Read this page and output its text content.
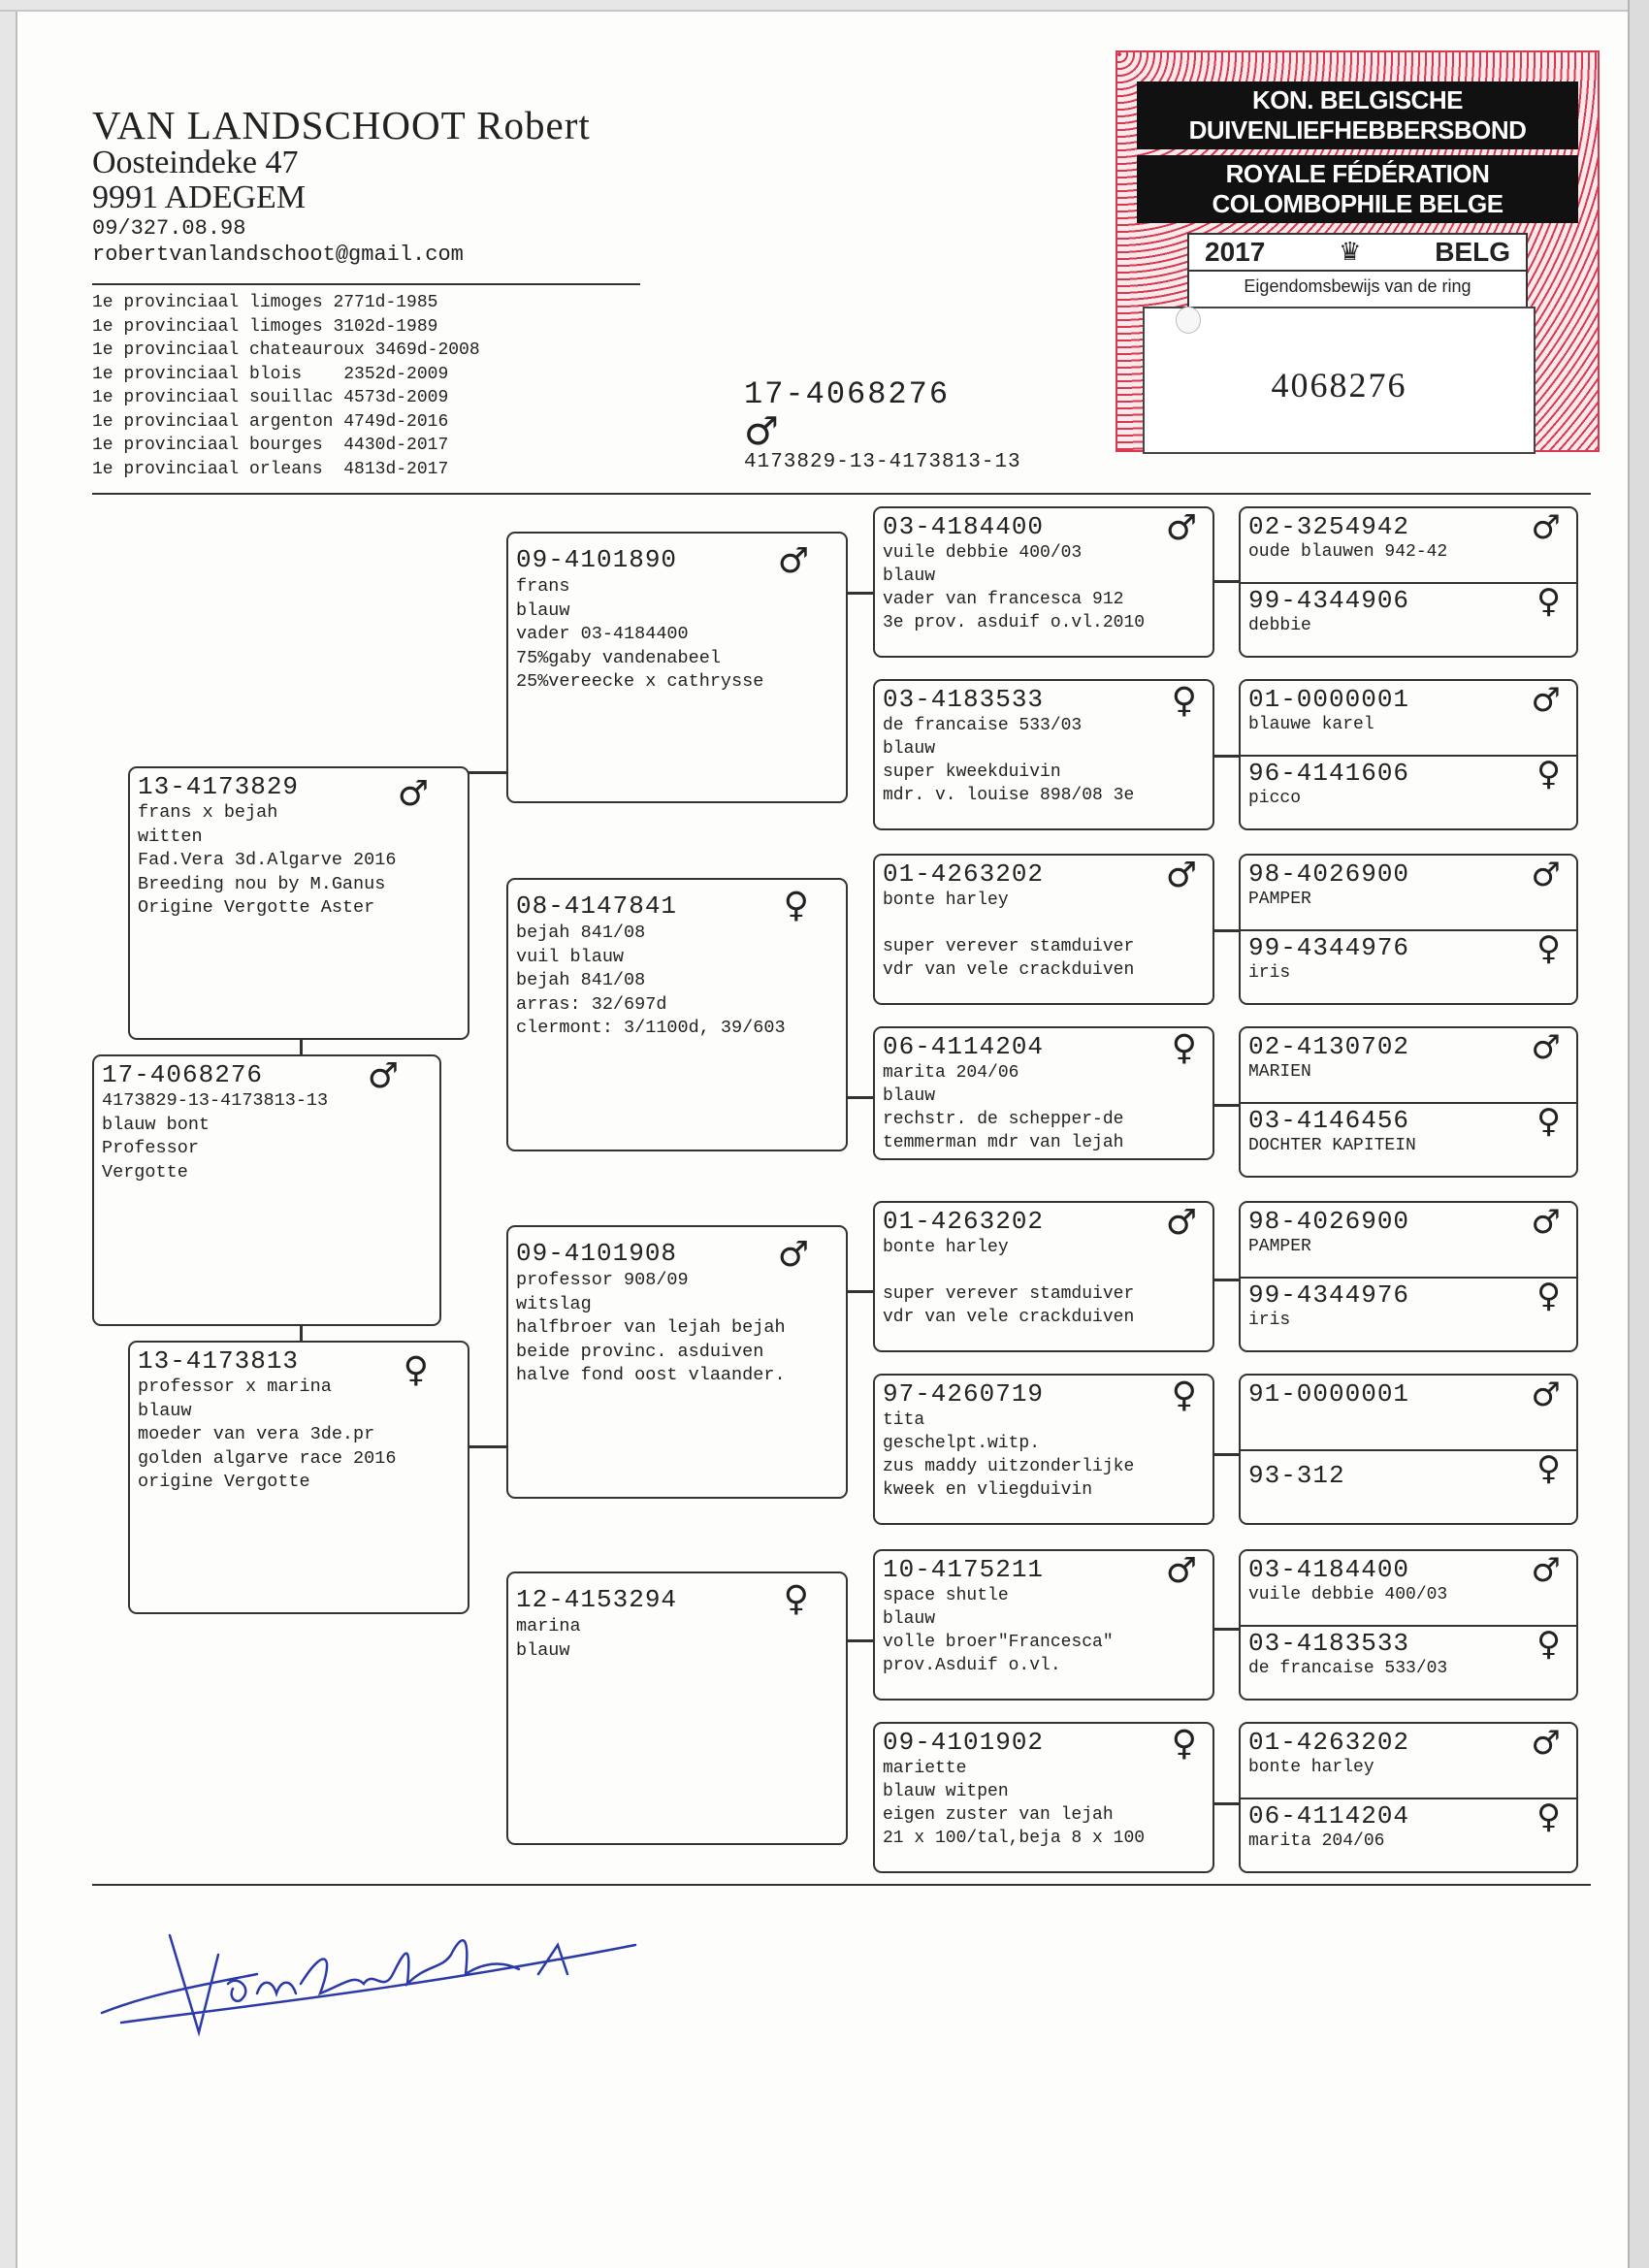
VAN LANDSCHOOT Robert
Oosteindeke 47
9991 ADEGEM
09/327.08.98
robertvanlandschoot@gmail.com
1e provinciaal limoges 2771d-1985
1e provinciaal limoges 3102d-1989
1e provinciaal chateauroux 3469d-2008
1e provinciaal blois    2352d-2009
1e provinciaal souillac 4573d-2009
1e provinciaal argenton 4749d-2016
1e provinciaal bourges  4430d-2017
1e provinciaal orleans  4813d-2017
17-4068276
♂
4173829-13-4173813-13
KON. BELGISCHE DUIVENLIEFHEBBERSBOND
ROYALE FÉDÉRATION COLOMBOPHILE BELGE
2017	♛	BELG
Eigendomsbewijs van de ring
4068276
17-4068276	♂
4173829-13-4173813-13
blauw bont
Professor
Vergotte
13-4173829	♂
frans x bejah
witten
Fad.Vera 3d.Algarve 2016
Breeding nou by M.Ganus
Origine Vergotte Aster
13-4173813	♀
professor x marina
blauw
moeder van vera 3de.pr
golden algarve race 2016
origine Vergotte
09-4101890	♂
frans
blauw
vader 03-4184400
75%gaby vandenabeel
25%vereecke x cathrysse
08-4147841	♀
bejah 841/08
vuil blauw
bejah 841/08
arras: 32/697d
clermont: 3/1100d, 39/603
09-4101908	♂
professor 908/09
witslag
halfbroer van lejah bejah
beide provinc. asduiven
halve fond oost vlaander.
12-4153294	♀
marina
blauw
03-4184400	♂
vuile debbie 400/03
blauw
vader van francesca 912
3e prov. asduif o.vl.2010
03-4183533	♀
de francaise 533/03
blauw
super kweekduivin
mdr. v. louise 898/08 3e
01-4263202	♂
bonte harley

super verever stamduiver
vdr van vele crackduiven
06-4114204	♀
marita 204/06
blauw
rechstr. de schepper-de
temmerman mdr van lejah
01-4263202	♂
bonte harley

super verever stamduiver
vdr van vele crackduiven
97-4260719	♀
tita
geschelpt.witp.
zus maddy uitzonderlijke
kweek en vliegduivin
10-4175211	♂
space shutle
blauw
volle broer"Francesca"
prov.Asduif o.vl.
09-4101902	♀
mariette
blauw witpen
eigen zuster van lejah
21 x 100/tal,beja 8 x 100
02-3254942	♂
oude blauwen 942-42
99-4344906	♀
debbie
01-0000001	♂
blauwe karel
96-4141606	♀
picco
98-4026900	♂
PAMPER
99-4344976	♀
iris
02-4130702	♂
MARIEN
03-4146456	♀
DOCHTER KAPITEIN
98-4026900	♂
PAMPER
99-4344976	♀
iris
91-0000001	♂
93-312	♀
03-4184400	♂
vuile debbie 400/03
03-4183533	♀
de francaise 533/03
01-4263202	♂
bonte harley
06-4114204	♀
marita 204/06
